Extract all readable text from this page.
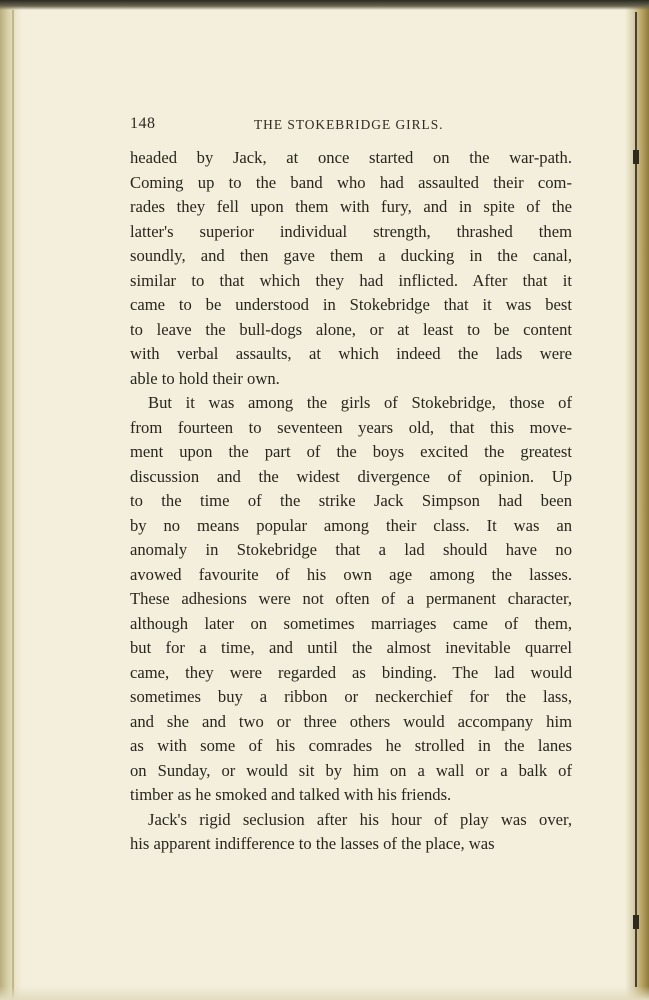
148	THE STOKEBRIDGE GIRLS.
headed by Jack, at once started on the war-path.
Coming up to the band who had assaulted their com-
rades they fell upon them with fury, and in spite of the
latter's superior individual strength, thrashed them
soundly, and then gave them a ducking in the canal,
similar to that which they had inflicted. After that it
came to be understood in Stokebridge that it was best
to leave the bull-dogs alone, or at least to be content
with verbal assaults, at which indeed the lads were
able to hold their own.
But it was among the girls of Stokebridge, those of
from fourteen to seventeen years old, that this move-
ment upon the part of the boys excited the greatest
discussion and the widest divergence of opinion. Up
to the time of the strike Jack Simpson had been
by no means popular among their class. It was an
anomaly in Stokebridge that a lad should have no
avowed favourite of his own age among the lasses.
These adhesions were not often of a permanent character,
although later on sometimes marriages came of them,
but for a time, and until the almost inevitable quarrel
came, they were regarded as binding. The lad would
sometimes buy a ribbon or neckerchief for the lass,
and she and two or three others would accompany him
as with some of his comrades he strolled in the lanes
on Sunday, or would sit by him on a wall or a balk of
timber as he smoked and talked with his friends.
Jack's rigid seclusion after his hour of play was over,
his apparent indifference to the lasses of the place, was
